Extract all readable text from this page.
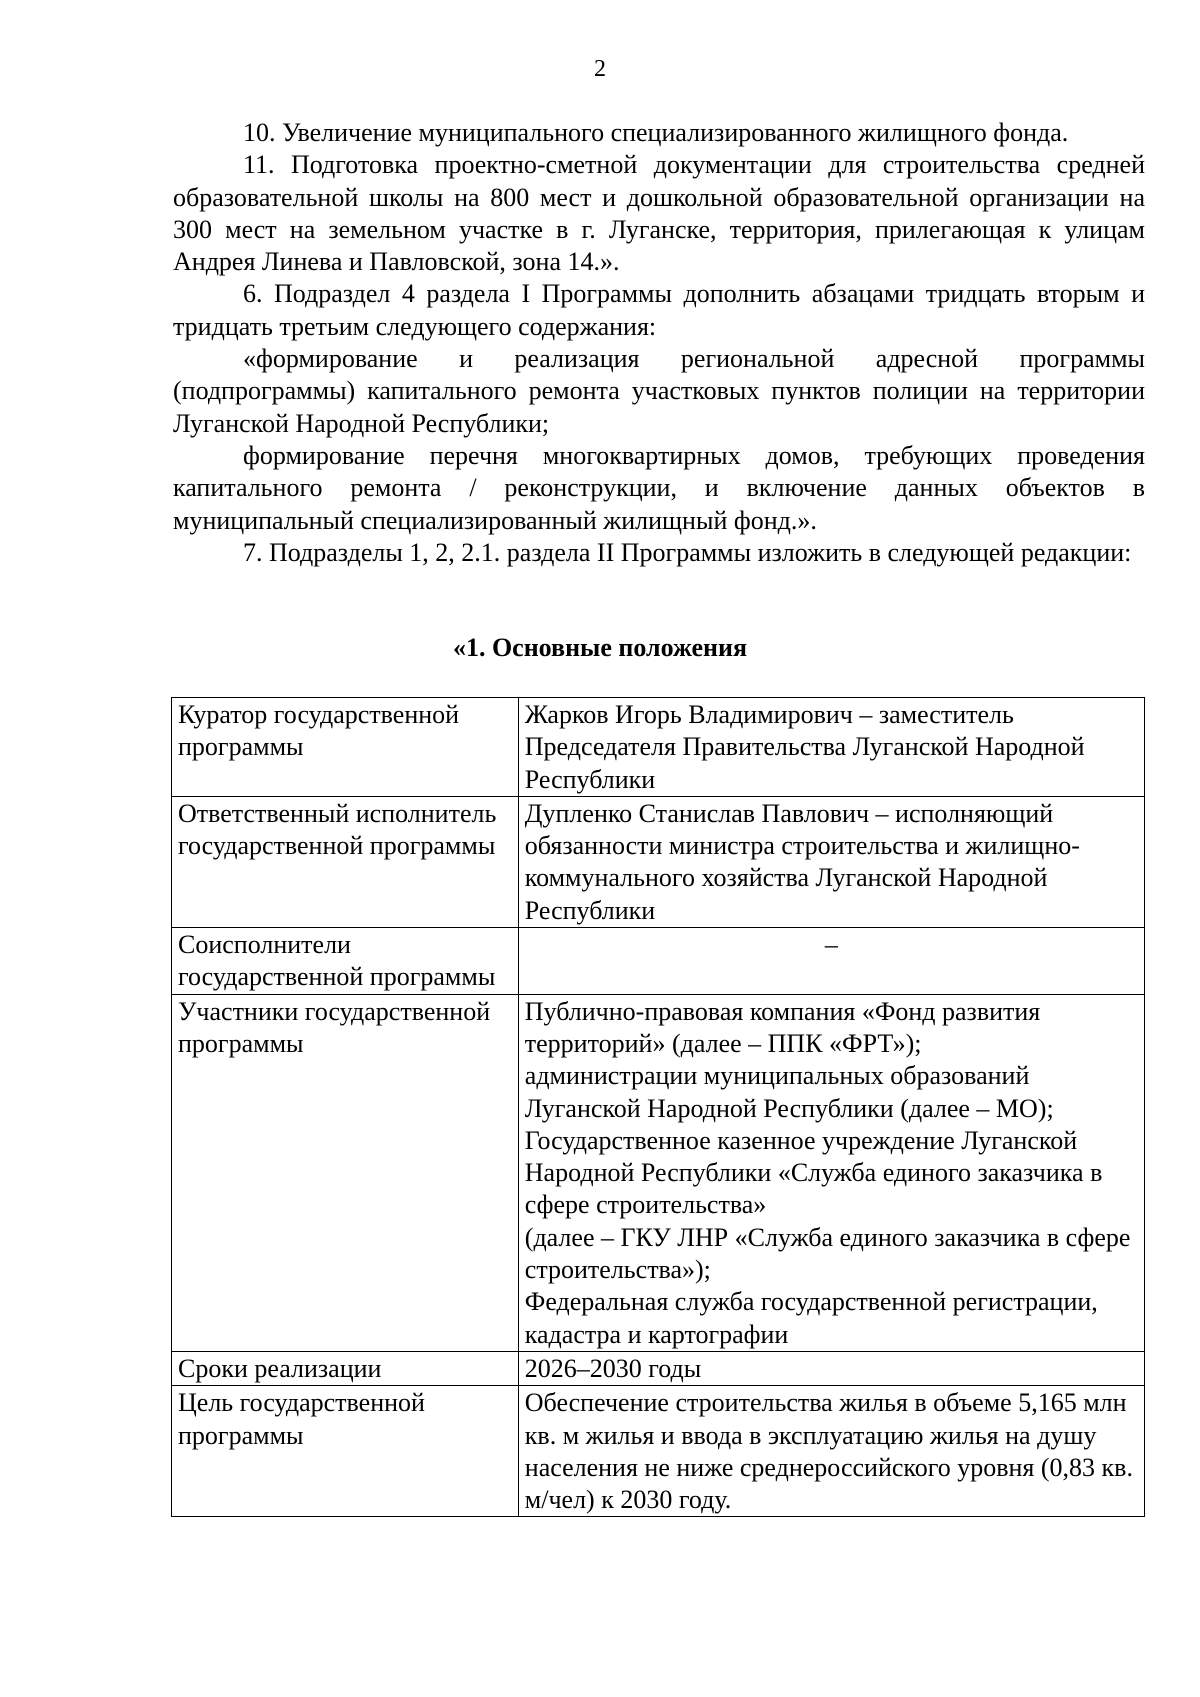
2

10. Увеличение муниципального специализированного жилищного фонда.

11. Подготовка проектно-сметной документации для строительства средней образовательной школы на 800 мест и дошкольной образовательной организации на 300 мест на земельном участке в г. Луганске, территория, прилегающая к улицам Андрея Линева и Павловской, зона 14.».

6. Подраздел 4 раздела I Программы дополнить абзацами тридцать вторым и тридцать третьим следующего содержания:

«формирование и реализация региональной адресной программы (подпрограммы) капитального ремонта участковых пунктов полиции на территории Луганской Народной Республики;

формирование перечня многоквартирных домов, требующих проведения капитального ремонта / реконструкции, и включение данных объектов в муниципальный специализированный жилищный фонд.».

7. Подразделы 1, 2, 2.1. раздела II Программы изложить в следующей редакции:

«1. Основные положения
Куратор государственной программы	Жарков Игорь Владимирович – заместитель Председателя Правительства Луганской Народной Республики

Ответственный исполнитель государственной программы	Дупленко Станислав Павлович – исполняющий обязанности министра строительства и жилищно-коммунального хозяйства Луганской Народной Республики

Соисполнители государственной программы	–

Участники государственной программы	Публично-правовая компания «Фонд развития территорий» (далее – ППК «ФРТ»);
администрации муниципальных образований Луганской Народной Республики (далее – МО);
Государственное казенное учреждение Луганской Народной Республики «Служба единого заказчика в сфере строительства»
(далее – ГКУ ЛНР «Служба единого заказчика в сфере строительства»);
Федеральная служба государственной регистрации, кадастра и картографии

Сроки реализации	2026–2030 годы

Цель государственной программы	Обеспечение строительства жилья в объеме 5,165 млн кв. м жилья и ввода в эксплуатацию жилья на душу населения не ниже среднероссийского уровня (0,83 кв. м/чел) к 2030 году.
